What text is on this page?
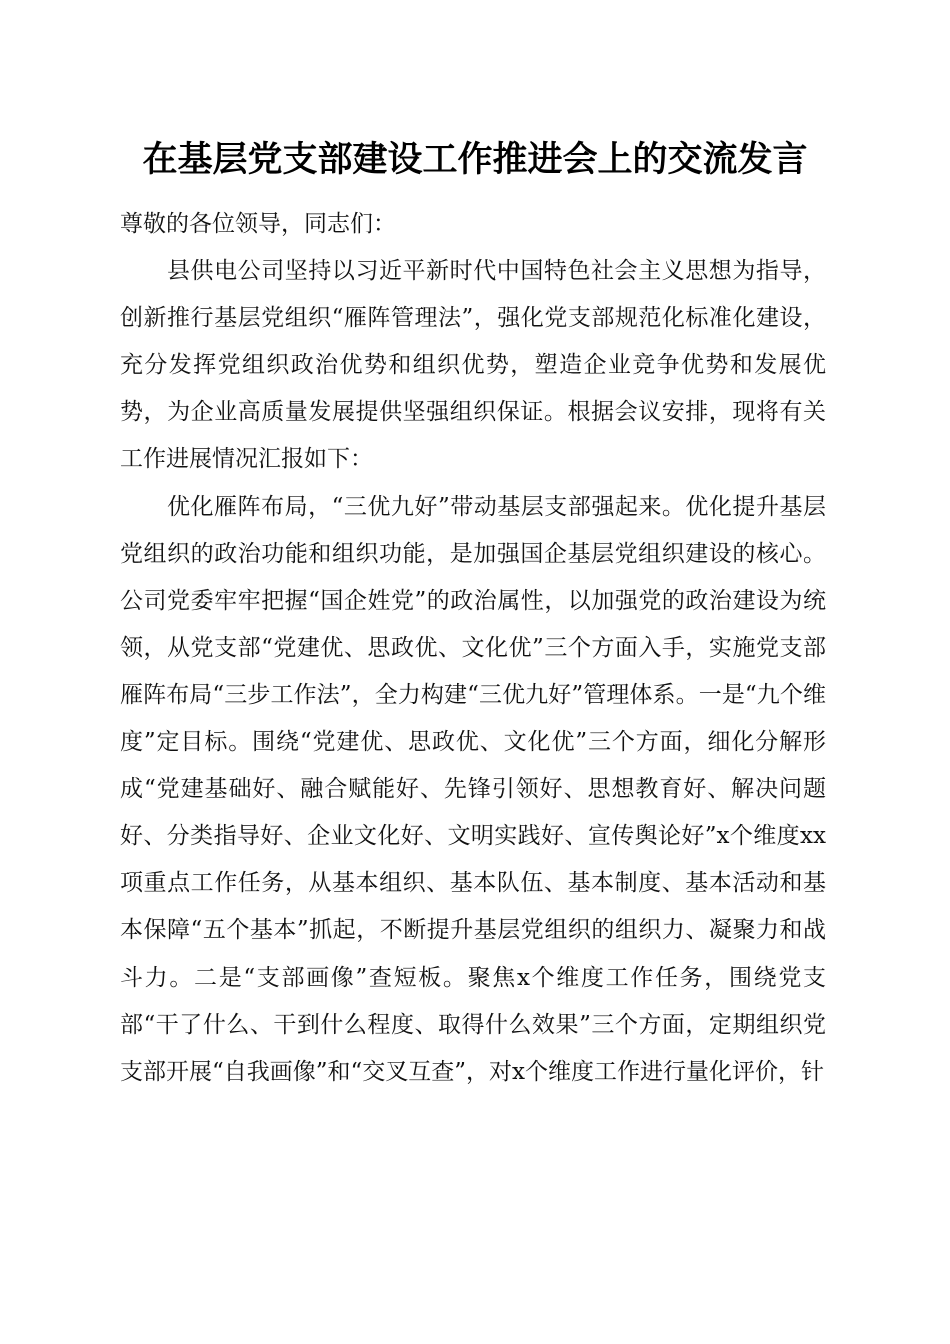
在基层党支部建设工作推进会上的交流发言

尊敬的各位领导，同志们：

县供电公司坚持以习近平新时代中国特色社会主义思想为指导，创新推行基层党组织“雁阵管理法”，强化党支部规范化标准化建设，充分发挥党组织政治优势和组织优势，塑造企业竞争优势和发展优势，为企业高质量发展提供坚强组织保证。根据会议安排，现将有关工作进展情况汇报如下：

优化雁阵布局，“三优九好”带动基层支部强起来。优化提升基层党组织的政治功能和组织功能，是加强国企基层党组织建设的核心。公司党委牢牢把握“国企姓党”的政治属性，以加强党的政治建设为统领，从党支部“党建优、思政优、文化优”三个方面入手，实施党支部雁阵布局“三步工作法”，全力构建“三优九好”管理体系。一是“九个维度”定目标。围绕“党建优、思政优、文化优”三个方面，细化分解形成“党建基础好、融合赋能好、先锋引领好、思想教育好、解决问题好、分类指导好、企业文化好、文明实践好、宣传舆论好”x个维度xx项重点工作任务，从基本组织、基本队伍、基本制度、基本活动和基本保障“五个基本”抓起，不断提升基层党组织的组织力、凝聚力和战斗力。二是“支部画像”查短板。聚焦x个维度工作任务，围绕党支部“干了什么、干到什么程度、取得什么效果”三个方面，定期组织党支部开展“自我画像”和“交叉互查”，对x个维度工作进行量化评价，针
